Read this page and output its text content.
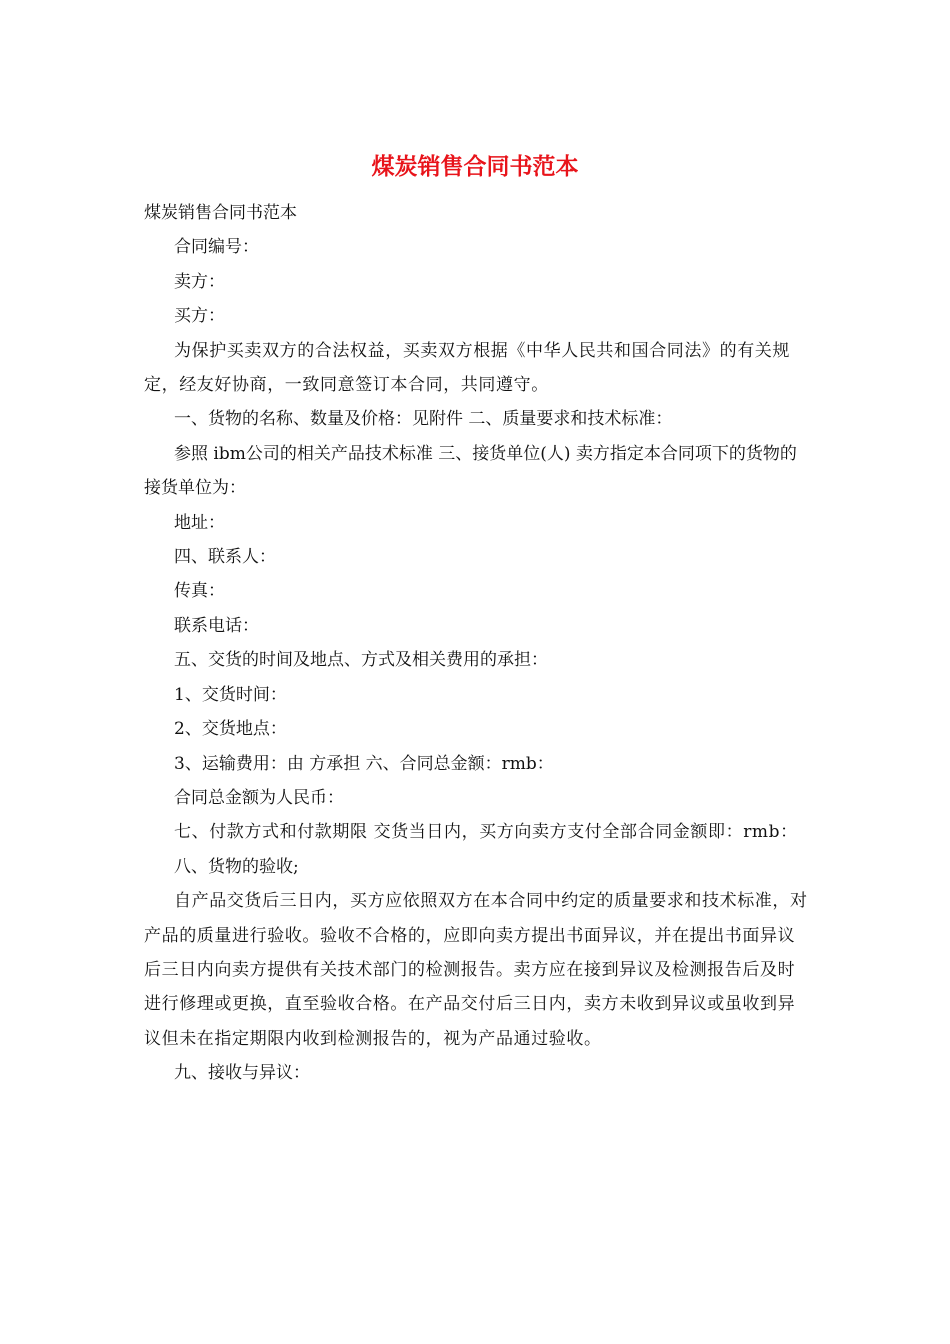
煤炭销售合同书范本

煤炭销售合同书范本

合同编号：

卖方：

买方：

为保护买卖双方的合法权益，买卖双方根据《中华人民共和国合同法》的有关规定，经友好协商，一致同意签订本合同，共同遵守。

一、货物的名称、数量及价格：见附件 二、质量要求和技术标准：

参照 ibm公司的相关产品技术标准 三、接货单位(人) 卖方指定本合同项下的货物的接货单位为：

地址：

四、联系人：

传真：

联系电话：

五、交货的时间及地点、方式及相关费用的承担：

1、交货时间：

2、交货地点：

3、运输费用：由 方承担 六、合同总金额：rmb：

合同总金额为人民币：

七、付款方式和付款期限 交货当日内，买方向卖方支付全部合同金额即：rmb：

八、货物的验收;

自产品交货后三日内，买方应依照双方在本合同中约定的质量要求和技术标准，对产品的质量进行验收。验收不合格的，应即向卖方提出书面异议，并在提出书面异议后三日内向卖方提供有关技术部门的检测报告。卖方应在接到异议及检测报告后及时进行修理或更换，直至验收合格。在产品交付后三日内，卖方未收到异议或虽收到异议但未在指定期限内收到检测报告的，视为产品通过验收。

九、接收与异议：
